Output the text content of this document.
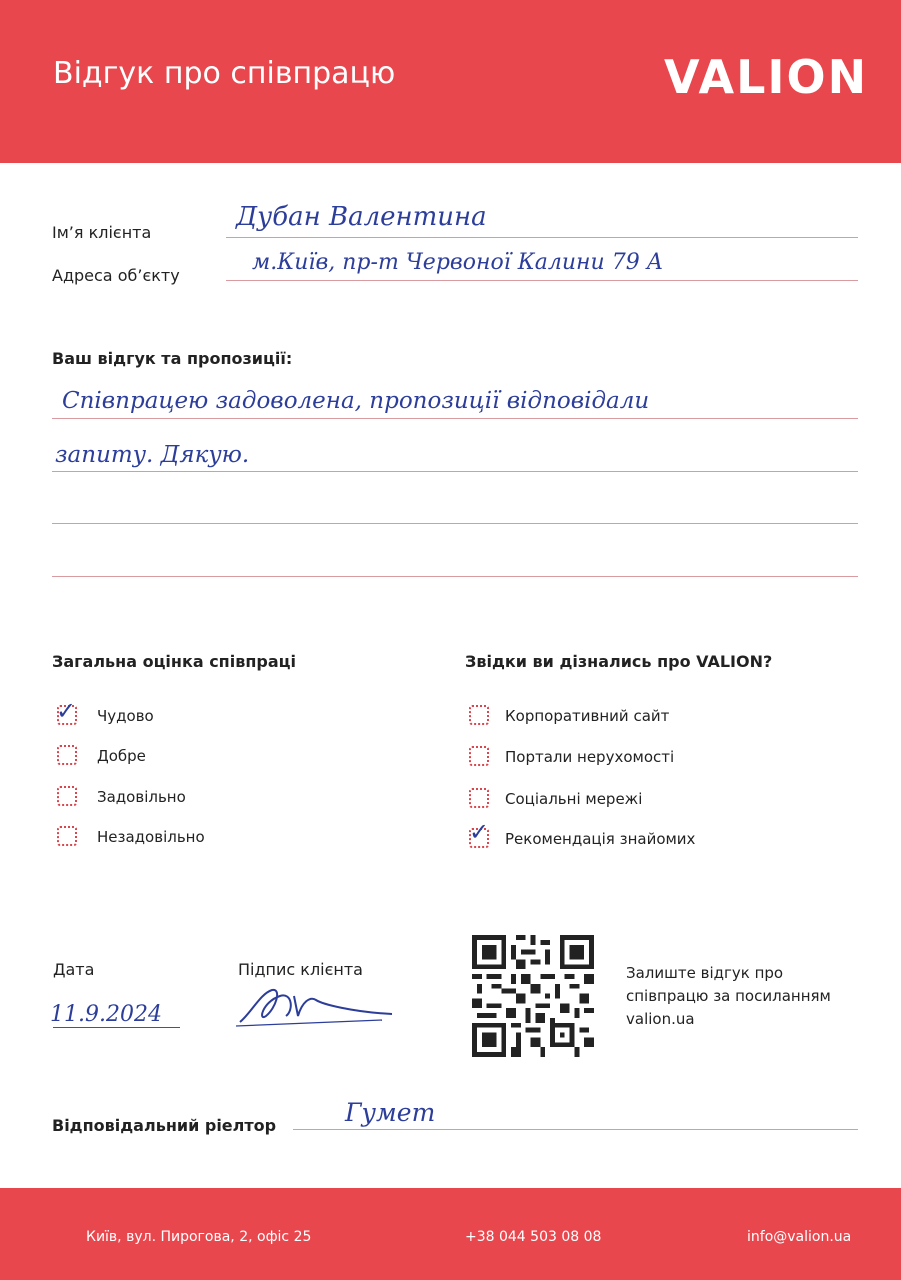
Відгук про співпрацю	VALION
Ім’я клієнта
Дубан Валентина
Адреса об’єкту
м.Київ, пр-т Червоної Калини 79 А
Ваш відгук та пропозиції:
Співпрацею задоволена, пропозиції відповідали
запиту. Дякую.
Загальна оцінка співпраці
✓ Чудово
Добре
Задовільно
Незадовільно
Звідки ви дізнались про VALION?
Корпоративний сайт
Портали нерухомості
Соціальні мережі
✓ Рекомендація знайомих
Дата
11.9.2024
Підпис клієнта	Залиште відгук про
співпрацю за посиланням
valion.ua
Відповідальний ріелтор	Гумет
Київ, вул. Пирогова, 2, офіс 25	+38 044 503 08 08	info@valion.ua
